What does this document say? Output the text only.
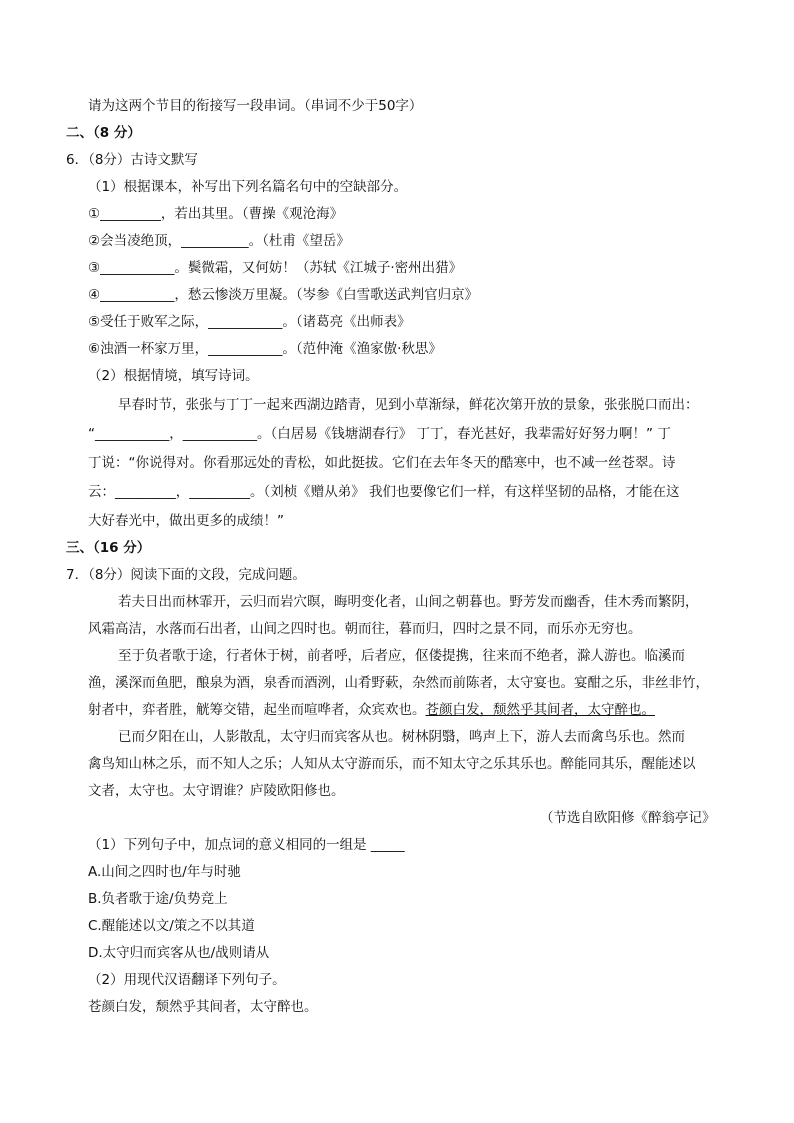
请为这两个节目的衔接写一段串词。（串词不少于50字）
二、（8 分）
6．（8分）古诗文默写
（1）根据课本，补写出下列名篇名句中的空缺部分。
①_________，若出其里。（曹操《观沧海》
②会当凌绝顶，__________。（杜甫《望岳》
③___________。鬓微霜，又何妨！（苏轼《江城子·密州出猎》
④___________，愁云惨淡万里凝。（岑参《白雪歌送武判官归京》
⑤受任于败军之际，___________。（诸葛亮《出师表》
⑥浊酒一杯家万里，___________。（范仲淹《渔家傲·秋思》
（2）根据情境，填写诗词。
早春时节，张张与丁丁一起来西湖边踏青，见到小草渐绿，鲜花次第开放的景象，张张脱口而出：
“___________，___________。（白居易《钱塘湖春行》 丁丁，春光甚好，我辈需好好努力啊！” 丁
丁说：“你说得对。你看那远处的青松，如此挺拔。它们在去年冬天的酷寒中，也不减一丝苍翠。诗
云：_________，_________。（刘桢《赠从弟》 我们也要像它们一样，有这样坚韧的品格，才能在这
大好春光中，做出更多的成绩！”
三、（16 分）
7．（8分）阅读下面的文段，完成问题。
若夫日出而林霏开，云归而岩穴暝，晦明变化者，山间之朝暮也。野芳发而幽香，佳木秀而繁阴，
风霜高洁，水落而石出者，山间之四时也。朝而往，暮而归，四时之景不同，而乐亦无穷也。
至于负者歌于途，行者休于树，前者呼，后者应，伛偻提携，往来而不绝者，滁人游也。临溪而
渔，溪深而鱼肥，酿泉为酒，泉香而酒洌，山肴野蔌，杂然而前陈者，太守宴也。宴酣之乐，非丝非竹，
射者中，弈者胜，觥筹交错，起坐而喧哗者，众宾欢也。苍颜白发，颓然乎其间者，太守醉也。
已而夕阳在山，人影散乱，太守归而宾客从也。树林阴翳，鸣声上下，游人去而禽鸟乐也。然而
禽鸟知山林之乐，而不知人之乐；人知从太守游而乐，而不知太守之乐其乐也。醉能同其乐，醒能述以
文者，太守也。太守谓谁？庐陵欧阳修也。
（节选自欧阳修《醉翁亭记》
（1）下列句子中，加点词的意义相同的一组是 _____
A.山间之四时也/年与时驰
B.负者歌于途/负势竞上
C.醒能述以文/策之不以其道
D.太守归而宾客从也/战则请从
（2）用现代汉语翻译下列句子。
苍颜白发，颓然乎其间者，太守醉也。
